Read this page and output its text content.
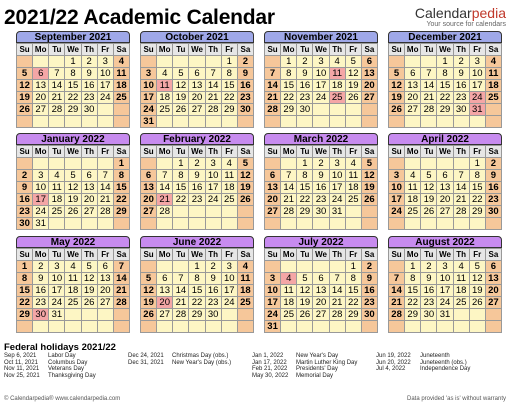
2021/22 Academic Calendar	Calendarpedia
Your source for calendars
September 2021
Su	Mo	Tu	We	Th	Fr	Sa
			1	2	3	4
5	6	7	8	9	10	11
12	13	14	15	16	17	18
19	20	21	22	23	24	25
26	27	28	29	30		

October 2021
Su	Mo	Tu	We	Th	Fr	Sa
					1	2
3	4	5	6	7	8	9
10	11	12	13	14	15	16
17	18	19	20	21	22	23
24	25	26	27	28	29	30
31						
November 2021
Su	Mo	Tu	We	Th	Fr	Sa
	1	2	3	4	5	6
7	8	9	10	11	12	13
14	15	16	17	18	19	20
21	22	23	24	25	26	27
28	29	30				

December 2021
Su	Mo	Tu	We	Th	Fr	Sa
			1	2	3	4
5	6	7	8	9	10	11
12	13	14	15	16	17	18
19	20	21	22	23	24	25
26	27	28	29	30	31	

January 2022
Su	Mo	Tu	We	Th	Fr	Sa
						1
2	3	4	5	6	7	8
9	10	11	12	13	14	15
16	17	18	19	20	21	22
23	24	25	26	27	28	29
30	31					
February 2022
Su	Mo	Tu	We	Th	Fr	Sa
		1	2	3	4	5
6	7	8	9	10	11	12
13	14	15	16	17	18	19
20	21	22	23	24	25	26
27	28					

March 2022
Su	Mo	Tu	We	Th	Fr	Sa
		1	2	3	4	5
6	7	8	9	10	11	12
13	14	15	16	17	18	19
20	21	22	23	24	25	26
27	28	29	30	31		

April 2022
Su	Mo	Tu	We	Th	Fr	Sa
					1	2
3	4	5	6	7	8	9
10	11	12	13	14	15	16
17	18	19	20	21	22	23
24	25	26	27	28	29	30

May 2022
Su	Mo	Tu	We	Th	Fr	Sa
1	2	3	4	5	6	7
8	9	10	11	12	13	14
15	16	17	18	19	20	21
22	23	24	25	26	27	28
29	30	31				

June 2022
Su	Mo	Tu	We	Th	Fr	Sa
			1	2	3	4
5	6	7	8	9	10	11
12	13	14	15	16	17	18
19	20	21	22	23	24	25
26	27	28	29	30		

July 2022
Su	Mo	Tu	We	Th	Fr	Sa
					1	2
3	4	5	6	7	8	9
10	11	12	13	14	15	16
17	18	19	20	21	22	23
24	25	26	27	28	29	30
31						
August 2022
Su	Mo	Tu	We	Th	Fr	Sa
	1	2	3	4	5	6
7	8	9	10	11	12	13
14	15	16	17	18	19	20
21	22	23	24	25	26	27
28	29	30	31			

Federal holidays 2021/22
Sep 6, 2021 Labor Day
Oct 11, 2021 Columbus Day
Nov 11, 2021 Veterans Day
Nov 25, 2021 Thanksgiving Day
Dec 24, 2021 Christmas Day (obs.)
Dec 31, 2021 New Year's Day (obs.)
Jan 1, 2022 New Year's Day
Jan 17, 2022 Martin Luther King Day
Feb 21, 2022 Presidents' Day
May 30, 2022 Memorial Day
Jun 19, 2022 Juneteenth
Jun 20, 2022 Juneteenth (obs.)
Jul 4, 2022 Independence Day
© Calendarpedia® www.calendarpedia.com	Data provided 'as is' without warranty
